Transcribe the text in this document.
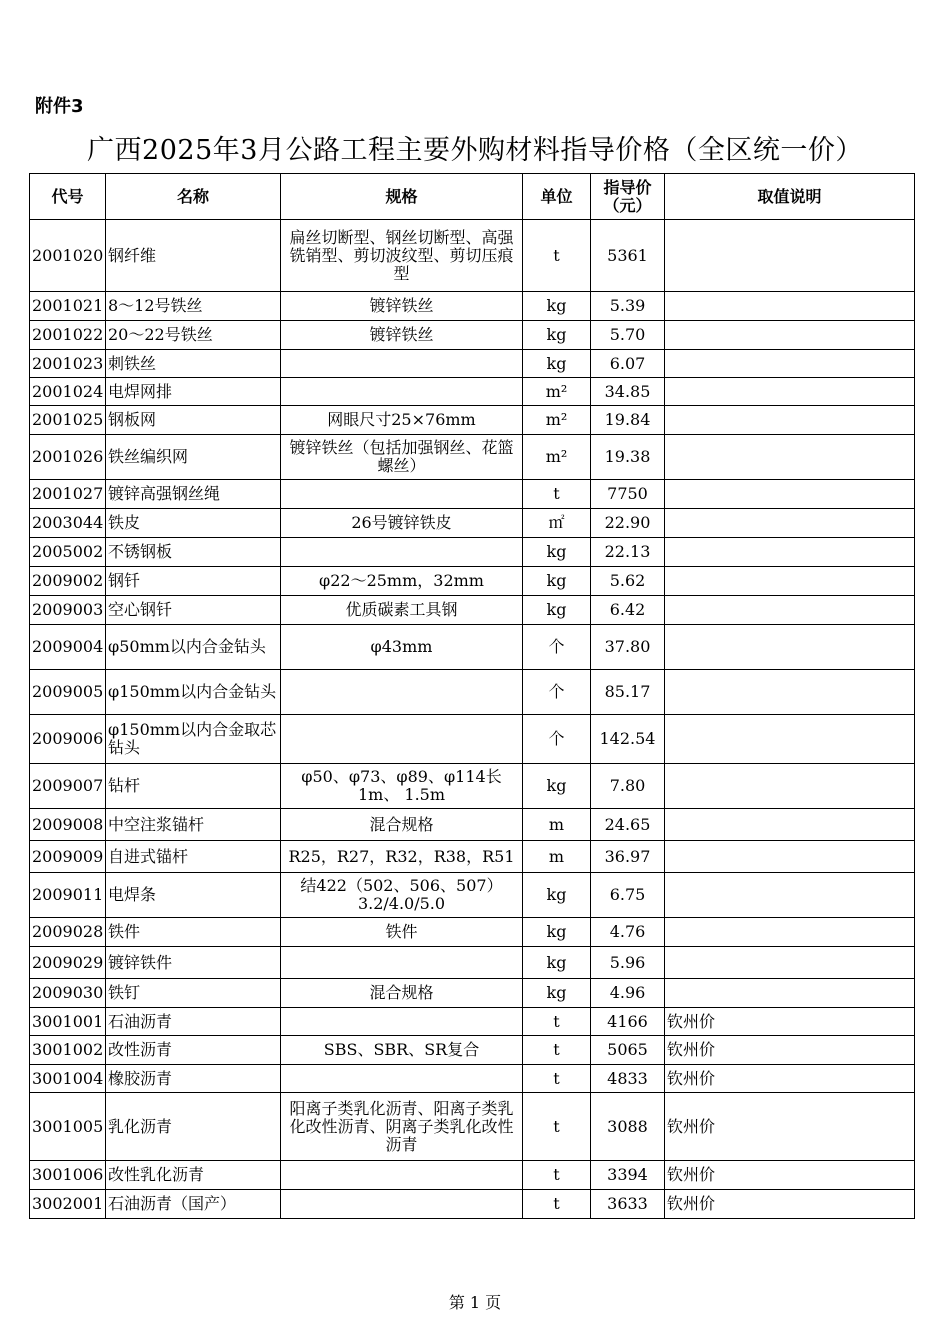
附件3
广西2025年3月公路工程主要外购材料指导价格（全区统一价）
代号	名称	规格	单位	指导价（元）	取值说明
2001020	钢纤维	扁丝切断型、钢丝切断型、高强铣销型、剪切波纹型、剪切压痕型	t	5361	
2001021	8～12号铁丝	镀锌铁丝	kg	5.39	
2001022	20～22号铁丝	镀锌铁丝	kg	5.70	
2001023	刺铁丝		kg	6.07	
2001024	电焊网排		m²	34.85	
2001025	钢板网	网眼尺寸25×76mm	m²	19.84	
2001026	铁丝编织网	镀锌铁丝（包括加强钢丝、花篮螺丝）	m²	19.38	
2001027	镀锌高强钢丝绳		t	7750	
2003044	铁皮	26号镀锌铁皮	㎡	22.90	
2005002	不锈钢板		kg	22.13	
2009002	钢钎	φ22～25mm，32mm	kg	5.62	
2009003	空心钢钎	优质碳素工具钢	kg	6.42	
2009004	φ50mm以内合金钻头	φ43mm	个	37.80	
2009005	φ150mm以内合金钻头		个	85.17	
2009006	φ150mm以内合金取芯钻头		个	142.54	
2009007	钻杆	φ50、φ73、φ89、φ114长1m、 1.5m	kg	7.80	
2009008	中空注浆锚杆	混合规格	m	24.65	
2009009	自进式锚杆	R25，R27，R32，R38，R51	m	36.97	
2009011	电焊条	结422（502、506、507）3.2/4.0/5.0	kg	6.75	
2009028	铁件	铁件	kg	4.76	
2009029	镀锌铁件		kg	5.96	
2009030	铁钉	混合规格	kg	4.96	
3001001	石油沥青		t	4166	钦州价
3001002	改性沥青	SBS、SBR、SR复合	t	5065	钦州价
3001004	橡胶沥青		t	4833	钦州价
3001005	乳化沥青	阳离子类乳化沥青、阳离子类乳化改性沥青、阴离子类乳化改性沥青	t	3088	钦州价
3001006	改性乳化沥青		t	3394	钦州价
3002001	石油沥青（国产）		t	3633	钦州价
第 1 页
